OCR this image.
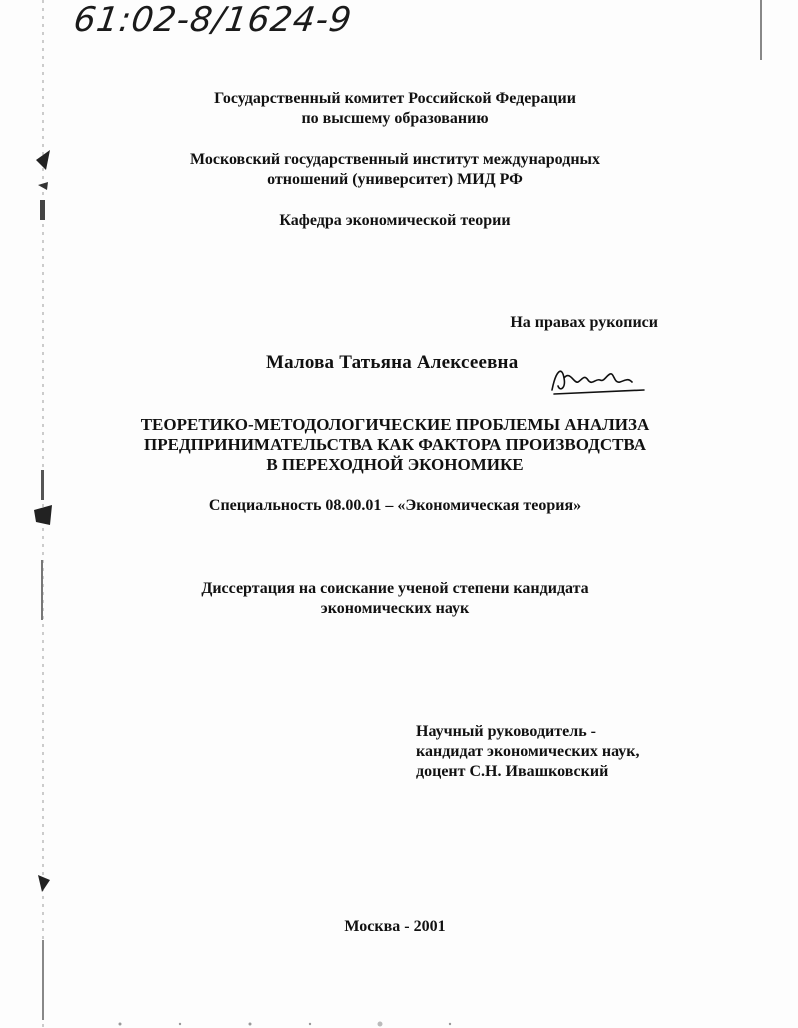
61:02-8/1624-9
Государственный комитет Российской Федерации
по высшему образованию
Московский государственный институт международных
отношений (университет) МИД РФ
Кафедра экономической теории
На правах рукописи
Малова Татьяна Алексеевна
ТЕОРЕТИКО-МЕТОДОЛОГИЧЕСКИЕ ПРОБЛЕМЫ АНАЛИЗА
ПРЕДПРИНИМАТЕЛЬСТВА КАК ФАКТОРА ПРОИЗВОДСТВА
В ПЕРЕХОДНОЙ ЭКОНОМИКЕ
Специальность 08.00.01 – «Экономическая теория»
Диссертация на соискание ученой степени кандидата
экономических наук
Научный руководитель -
кандидат экономических наук,
доцент С.Н. Ивашковский
Москва - 2001
